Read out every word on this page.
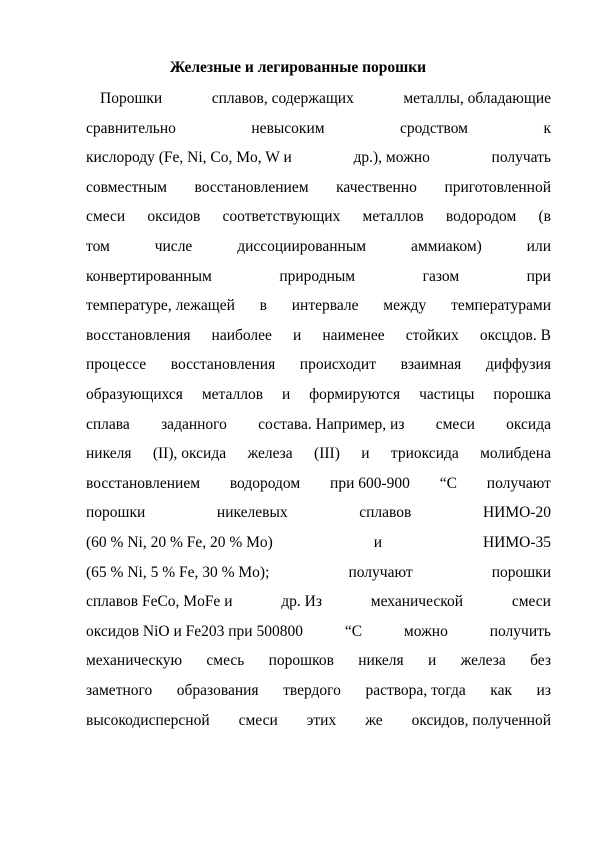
Железные и легированные порошки
Порошки	сплавов, содержащих	металлы, обладающие
сравнительно	невысоким	сродством	к
кислороду (Fe, Ni, Co, Mo, W и	др.), можно	получать
совместным восстановлением качественно приготовленной
смеси оксидов соответствующих металлов водородом (в
том	числе	диссоциированным	аммиаком)	или
конвертированным	природным	газом	при
температуре, лежащей в интервале между температурами
восстановления наиболее и наименее стойких оксцдов. В
процессе восстановления происходит взаимная диффузия
образующихся металлов и формируются частицы порошка
сплава заданного состава. Например, из смеси оксида
никеля (II), оксида железа (III) и триоксида молибдена
восстановлением водородом при 600-900 “С получают
порошки	никелевых	сплавов	НИМО-20
(60 % Ni, 20 % Fe, 20 % Mo)	и	НИМО-35
(65 % Ni, 5 % Fe, 30 % Mo);	получают	порошки
сплавов FeCo, MoFe и	др. Из	механической	смеси
оксидов NiO и Fe203 при 500800	“С	можно	получить
механическую смесь порошков никеля и железа без
заметного образования твердого раствора, тогда как из
высокодисперсной смеси этих же оксидов, полученной
